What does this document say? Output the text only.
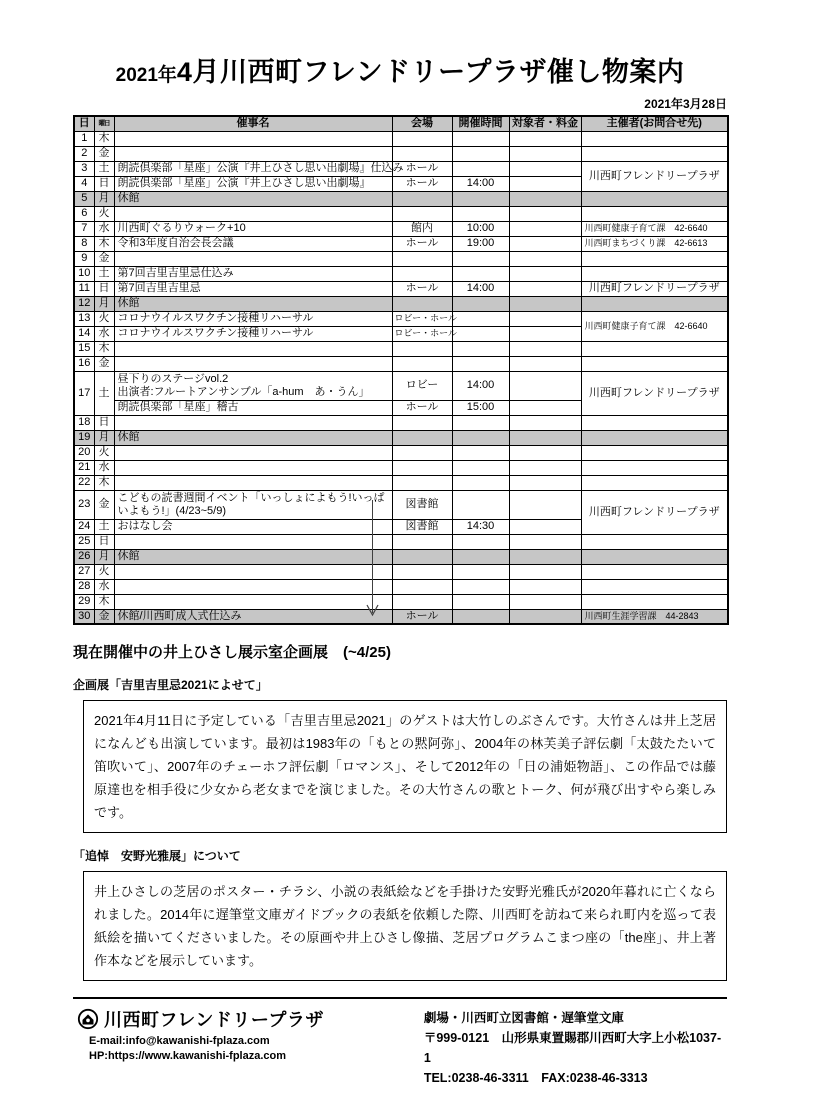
2021年4月川西町フレンドリープラザ催し物案内
2021年3月28日
日	曜日	催事名	会場	開催時間	対象者・料金	主催者(お問合せ先)
1	木					
2	金					
3	土	朗読倶楽部「星座」公演『井上ひさし思い出劇場』仕込み	ホール			川西町フレンドリープラザ
4	日	朗読倶楽部「星座」公演『井上ひさし思い出劇場』	ホール	14:00		
5	月	休館				
6	火					
7	水	川西町ぐるりウォーク+10	館内	10:00		川西町健康子育て課　42-6640
8	木	令和3年度自治会長会議	ホール	19:00		川西町まちづくり課　42-6613
9	金					
10	土	第7回吉里吉里忌仕込み				
11	日	第7回吉里吉里忌	ホール	14:00		川西町フレンドリープラザ
12	月	休館				
13	火	コロナウイルスワクチン接種リハーサル	ロビー・ホール			川西町健康子育て課　42-6640
14	水	コロナウイルスワクチン接種リハーサル	ロビー・ホール			
15	木					
16	金					
17	土	昼下りのステージvol.2
出演者:フルートアンサンブル「a-hum　あ・うん」	ロビー	14:00		川西町フレンドリープラザ
		朗読倶楽部「星座」稽古	ホール	15:00		
18	日					
19	月	休館				
20	火					
21	水					
22	木					
23	金	こどもの読書週間イベント「いっしょによもう!いっぱいよもう!」(4/23~5/9)	図書館			川西町フレンドリープラザ
24	土	おはなし会	図書館	14:30		
25	日					
26	月	休館				
27	火					
28	水					
29	木					
30	金	休館/川西町成人式仕込み	ホール			川西町生涯学習課　44-2843
現在開催中の井上ひさし展示室企画展　(~4/25)
企画展「吉里吉里忌2021によせて」
2021年4月11日に予定している「吉里吉里忌2021」のゲストは大竹しのぶさんです。大竹さんは井上芝居になんども出演しています。最初は1983年の「もとの黙阿弥」、2004年の林芙美子評伝劇「太鼓たたいて笛吹いて」、2007年のチェーホフ評伝劇「ロマンス」、そして2012年の「日の浦姫物語」、この作品では藤原達也を相手役に少女から老女までを演じました。その大竹さんの歌とトーク、何が飛び出すやら楽しみです。
「追悼　安野光雅展」について
井上ひさしの芝居のポスター・チラシ、小説の表紙絵などを手掛けた安野光雅氏が2020年暮れに亡くなられました。2014年に遅筆堂文庫ガイドブックの表紙を依頼した際、川西町を訪ねて来られ町内を巡って表紙絵を描いてくださいました。その原画や井上ひさし像描、芝居プログラムこまつ座の「the座」、井上著作本などを展示しています。
川西町フレンドリープラザ
E-mail:info@kawanishi-fplaza.com
HP:https://www.kawanishi-fplaza.com
劇場・川西町立図書館・遅筆堂文庫
〒999-0121　山形県東置賜郡川西町大字上小松1037-1
TEL:0238-46-3311　FAX:0238-46-3313
